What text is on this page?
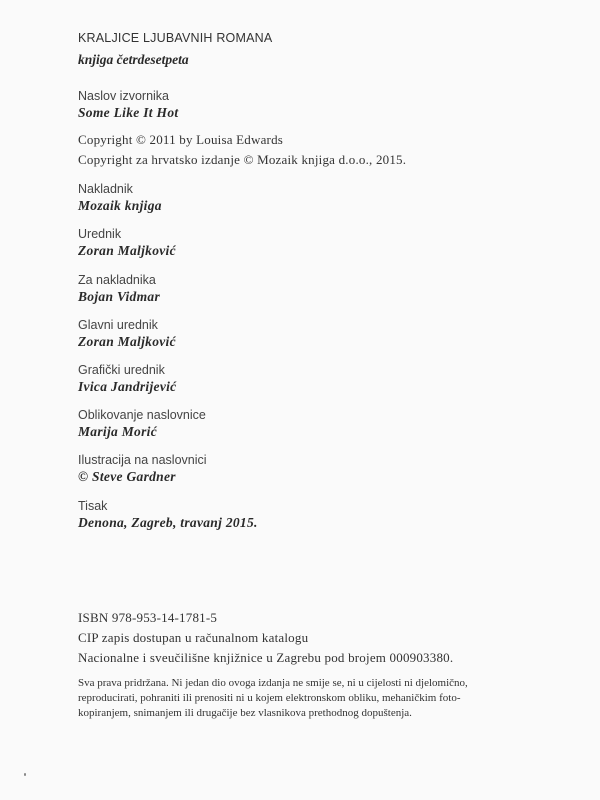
KRALJICE LJUBAVNIH ROMANA
knjiga četrdesetpeta
Naslov izvornika
Some Like It Hot
Copyright © 2011 by Louisa Edwards
Copyright za hrvatsko izdanje © Mozaik knjiga d.o.o., 2015.
Nakladnik
Mozaik knjiga
Urednik
Zoran Maljković
Za nakladnika
Bojan Vidmar
Glavni urednik
Zoran Maljković
Grafički urednik
Ivica Jandrijević
Oblikovanje naslovnice
Marija Morić
Ilustracija na naslovnici
© Steve Gardner
Tisak
Denona, Zagreb, travanj 2015.
ISBN 978-953-14-1781-5
CIP zapis dostupan u računalnom katalogu
Nacionalne i sveučilišne knjižnice u Zagrebu pod brojem 000903380.
Sva prava pridržana. Ni jedan dio ovoga izdanja ne smije se, ni u cijelosti ni djelomično,
reproducirati, pohraniti ili prenositi ni u kojem elektronskom obliku, mehaničkim foto-
kopiranjem, snimanjem ili drugačije bez vlasnikova prethodnog dopuštenja.
